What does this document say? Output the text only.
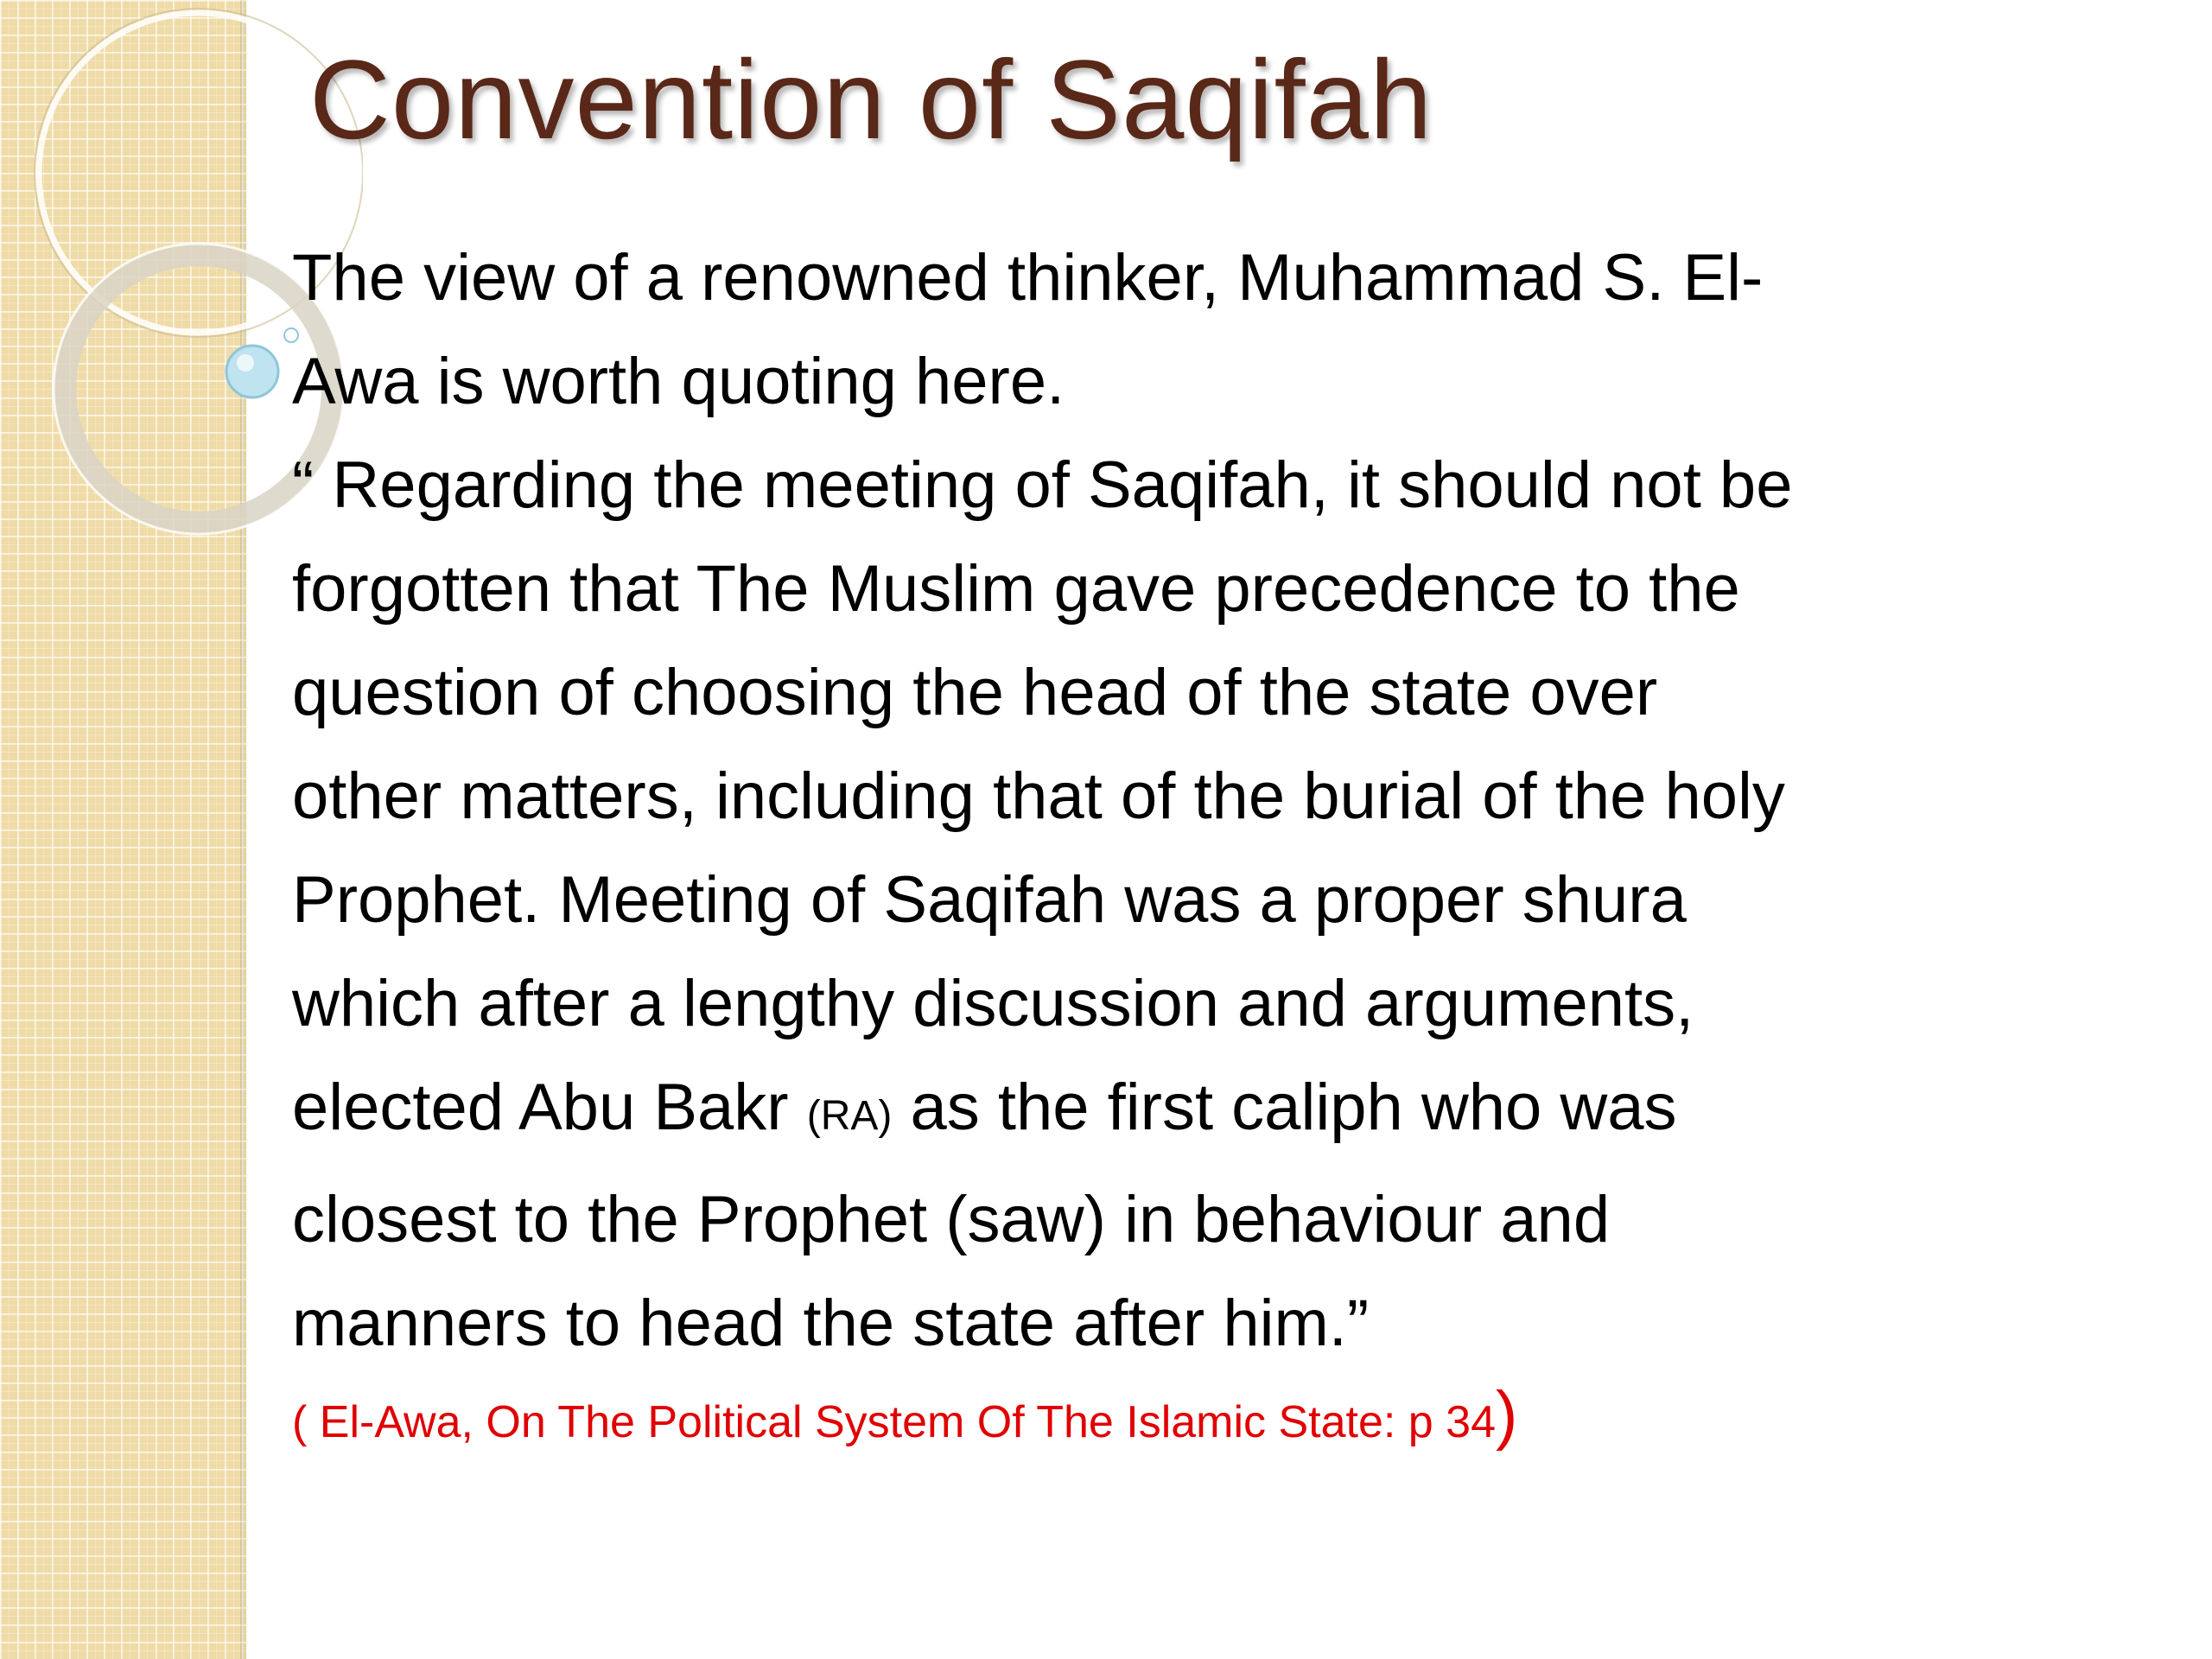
Convention of Saqifah
The view of a renowned thinker, Muhammad S. El-
Awa is worth quoting here.
“ Regarding the meeting of Saqifah, it should not be
forgotten that The Muslim gave precedence to the
question of choosing the head of the state over
other matters, including that of the burial of the holy
Prophet. Meeting of Saqifah was a proper shura
which after a lengthy discussion and arguments,
elected Abu Bakr (RA) as the first caliph who was
closest to the Prophet (saw) in behaviour and
manners to head the state after him.”
( El-Awa, On The Political System Of The Islamic State: p 34)
